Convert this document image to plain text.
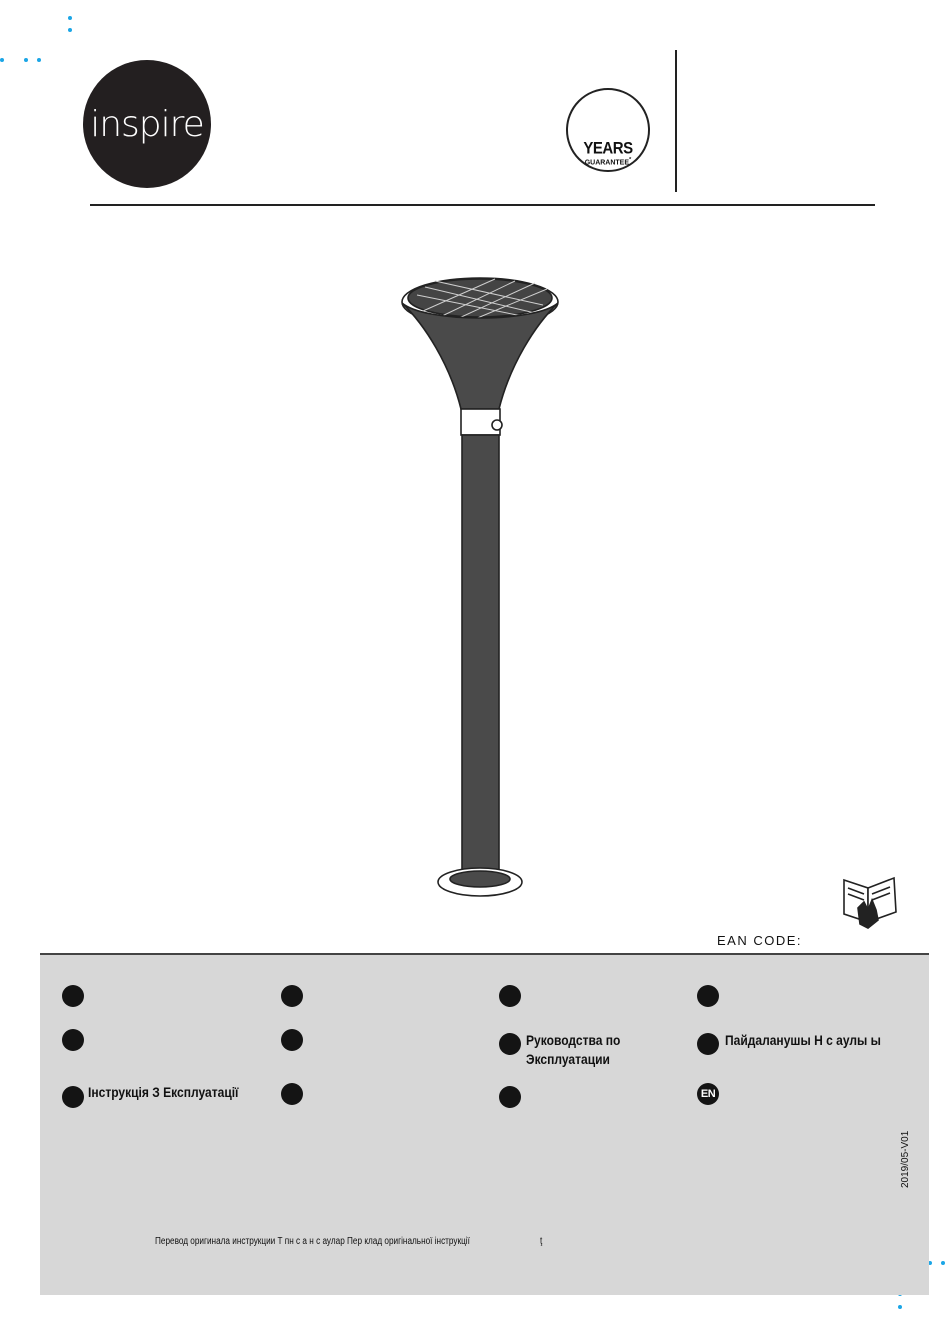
inspire
YEARS
GUARANTEE*
EAN CODE:
Руководства по Эксплуатации
Пайдаланушы Н с аулы ы
Інструкція З Експлуатації	EN
2019/05-V01
Перевод оригинала инструкции Т пн с а н с аулар Пер клад оригінальної інструкції	ţ
